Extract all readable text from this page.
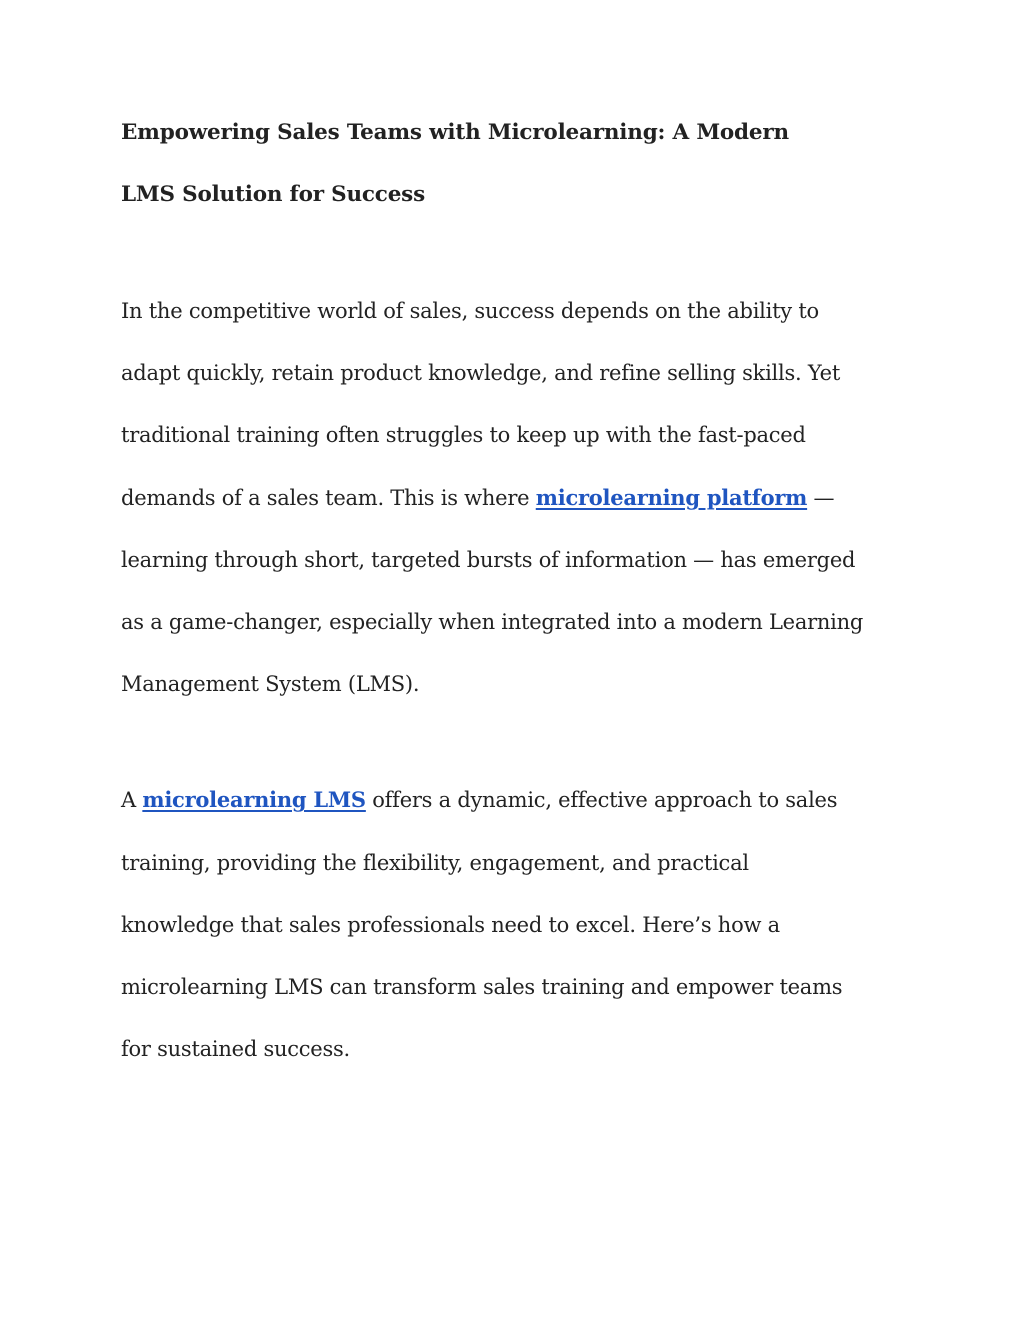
Empowering Sales Teams with Microlearning: A Modern
LMS Solution for Success

In the competitive world of sales, success depends on the ability to
adapt quickly, retain product knowledge, and refine selling skills. Yet
traditional training often struggles to keep up with the fast-paced
demands of a sales team. This is where microlearning platform —
learning through short, targeted bursts of information — has emerged
as a game-changer, especially when integrated into a modern Learning
Management System (LMS).

A microlearning LMS offers a dynamic, effective approach to sales
training, providing the flexibility, engagement, and practical
knowledge that sales professionals need to excel. Here’s how a
microlearning LMS can transform sales training and empower teams
for sustained success.
